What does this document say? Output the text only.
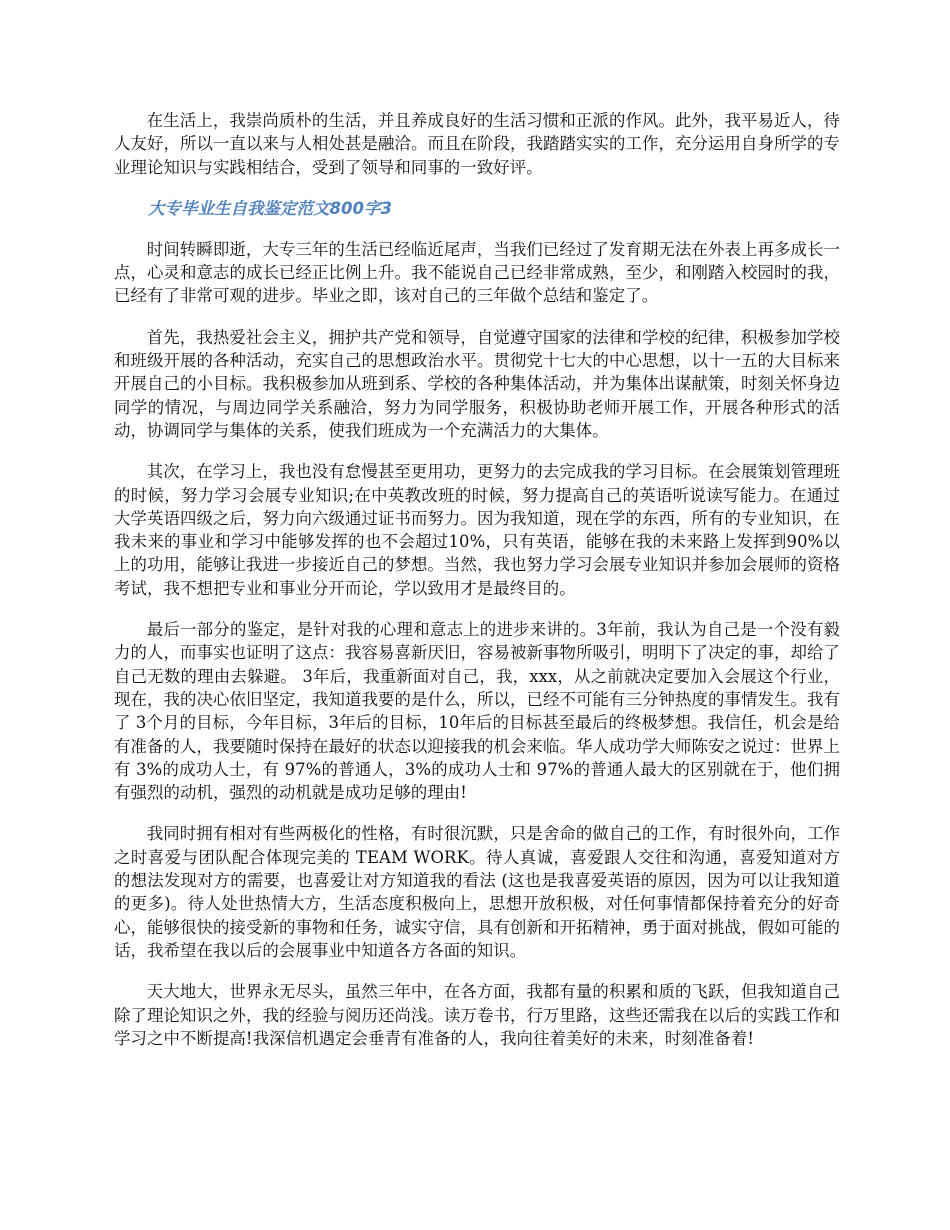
在生活上，我崇尚质朴的生活，并且养成良好的生活习惯和正派的作风。此外，我平易近人，待人友好，所以一直以来与人相处甚是融洽。而且在阶段，我踏踏实实的工作，充分运用自身所学的专业理论知识与实践相结合，受到了领导和同事的一致好评。

大专毕业生自我鉴定范文800字3

时间转瞬即逝，大专三年的生活已经临近尾声，当我们已经过了发育期无法在外表上再多成长一点，心灵和意志的成长已经正比例上升。我不能说自己已经非常成熟，至少，和刚踏入校园时的我，已经有了非常可观的进步。毕业之即，该对自己的三年做个总结和鉴定了。

首先，我热爱社会主义，拥护共产党和领导，自觉遵守国家的法律和学校的纪律，积极参加学校和班级开展的各种活动，充实自己的思想政治水平。贯彻党十七大的中心思想，以十一五的大目标来开展自己的小目标。我积极参加从班到系、学校的各种集体活动，并为集体出谋献策，时刻关怀身边同学的情况，与周边同学关系融洽，努力为同学服务，积极协助老师开展工作，开展各种形式的活动，协调同学与集体的关系，使我们班成为一个充满活力的大集体。

其次，在学习上，我也没有怠慢甚至更用功，更努力的去完成我的学习目标。在会展策划管理班的时候，努力学习会展专业知识;在中英教改班的时候，努力提高自己的英语听说读写能力。在通过大学英语四级之后，努力向六级通过证书而努力。因为我知道，现在学的东西，所有的专业知识，在我未来的事业和学习中能够发挥的也不会超过10%，只有英语，能够在我的未来路上发挥到90%以上的功用，能够让我进一步接近自己的梦想。当然，我也努力学习会展专业知识并参加会展师的资格考试，我不想把专业和事业分开而论，学以致用才是最终目的。

最后一部分的鉴定，是针对我的心理和意志上的进步来讲的。3年前，我认为自己是一个没有毅力的人，而事实也证明了这点：我容易喜新厌旧，容易被新事物所吸引，明明下了决定的事，却给了自己无数的理由去躲避。 3年后，我重新面对自己，我，xxx，从之前就决定要加入会展这个行业，现在，我的决心依旧坚定，我知道我要的是什么，所以，已经不可能有三分钟热度的事情发生。我有了 3个月的目标，今年目标，3年后的目标，10年后的目标甚至最后的终极梦想。我信任，机会是给有准备的人，我要随时保持在最好的状态以迎接我的机会来临。华人成功学大师陈安之说过：世界上有 3%的成功人士，有 97%的普通人，3%的成功人士和 97%的普通人最大的区别就在于，他们拥有强烈的动机，强烈的动机就是成功足够的理由!

我同时拥有相对有些两极化的性格，有时很沉默，只是舍命的做自己的工作，有时很外向，工作之时喜爱与团队配合体现完美的 TEAM WORK。待人真诚，喜爱跟人交往和沟通，喜爱知道对方的想法发现对方的需要，也喜爱让对方知道我的看法 (这也是我喜爱英语的原因，因为可以让我知道的更多)。待人处世热情大方，生活态度积极向上，思想开放积极，对任何事情都保持着充分的好奇心，能够很快的接受新的事物和任务，诚实守信，具有创新和开拓精神，勇于面对挑战，假如可能的话，我希望在我以后的会展事业中知道各方各面的知识。

天大地大，世界永无尽头，虽然三年中，在各方面，我都有量的积累和质的飞跃，但我知道自己除了理论知识之外，我的经验与阅历还尚浅。读万卷书，行万里路，这些还需我在以后的实践工作和学习之中不断提高!我深信机遇定会垂青有准备的人，我向往着美好的未来，时刻准备着!
